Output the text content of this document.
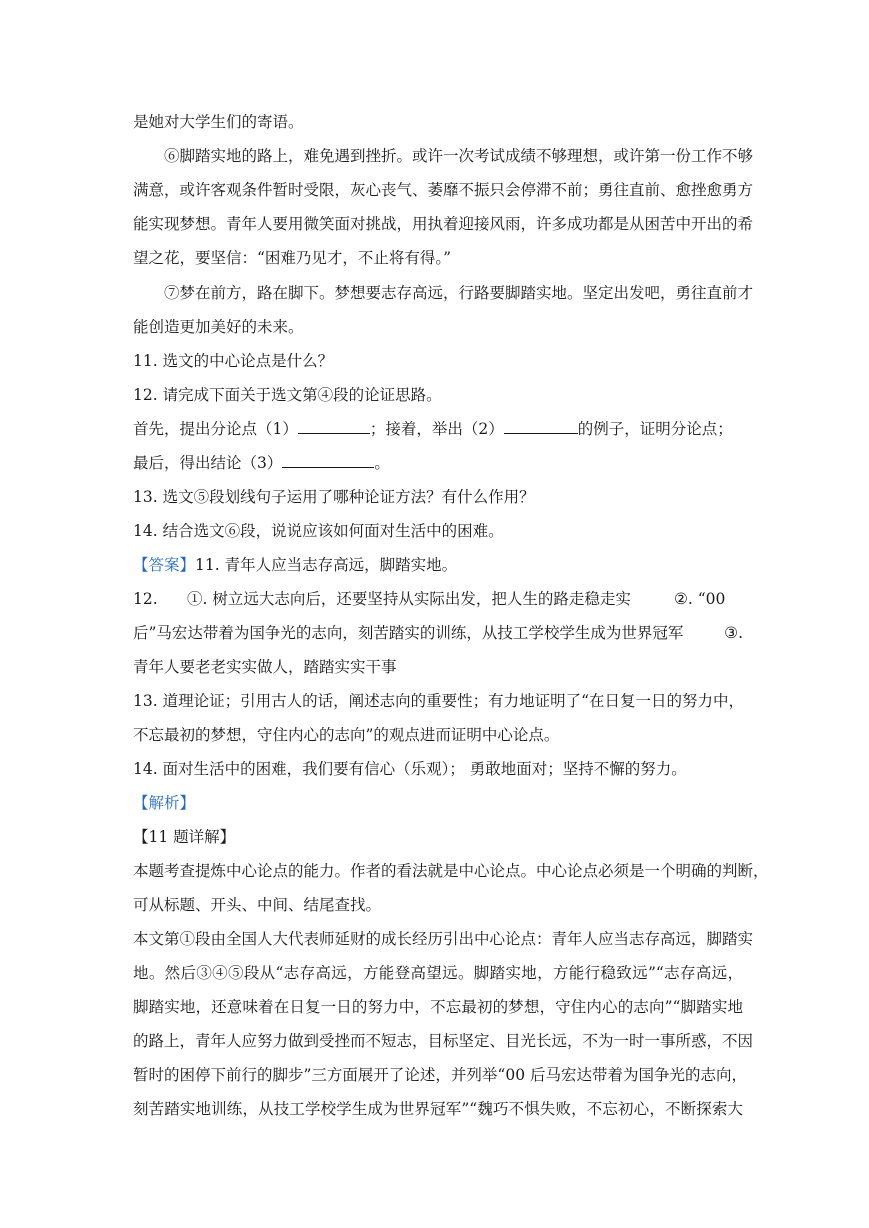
是她对大学生们的寄语。
⑥脚踏实地的路上，难免遇到挫折。或许一次考试成绩不够理想，或许第一份工作不够
满意，或许客观条件暂时受限，灰心丧气、萎靡不振只会停滞不前；勇往直前、愈挫愈勇方
能实现梦想。青年人要用微笑面对挑战，用执着迎接风雨，许多成功都是从困苦中开出的希
望之花，要坚信：“困难乃见才，不止将有得。”
⑦梦在前方，路在脚下。梦想要志存高远，行路要脚踏实地。坚定出发吧，勇往直前才
能创造更加美好的未来。
11. 选文的中心论点是什么？
12. 请完成下面关于选文第④段的论证思路。
首先，提出分论点（1）	；接着，举出（2）	的例子，证明分论点；
最后，得出结论（3）	。
13. 选文⑤段划线句子运用了哪种论证方法？有什么作用？
14. 结合选文⑥段，说说应该如何面对生活中的困难。
【答案】11. 青年人应当志存高远，脚踏实地。
12. ①. 树立远大志向后，还要坚持从实际出发，把人生的路走稳走实	②. “00
后”马宏达带着为国争光的志向，刻苦踏实的训练，从技工学校学生成为世界冠军	③.
青年人要老老实实做人，踏踏实实干事
13. 道理论证；引用古人的话，阐述志向的重要性；有力地证明了“在日复一日的努力中，
不忘最初的梦想，守住内心的志向”的观点进而证明中心论点。
14. 面对生活中的困难，我们要有信心（乐观）； 勇敢地面对；坚持不懈的努力。
【解析】
【11 题详解】
本题考查提炼中心论点的能力。作者的看法就是中心论点。中心论点必须是一个明确的判断，
可从标题、开头、中间、结尾查找。
本文第①段由全国人大代表师延财的成长经历引出中心论点：青年人应当志存高远，脚踏实
地。然后③④⑤段从“志存高远，方能登高望远。脚踏实地，方能行稳致远”“志存高远，
脚踏实地，还意味着在日复一日的努力中，不忘最初的梦想，守住内心的志向”“脚踏实地
的路上，青年人应努力做到受挫而不短志，目标坚定、目光长远，不为一时一事所惑，不因
暂时的困停下前行的脚步”三方面展开了论述，并列举“00 后马宏达带着为国争光的志向，
刻苦踏实地训练，从技工学校学生成为世界冠军”“魏巧不惧失败，不忘初心，不断探索大
